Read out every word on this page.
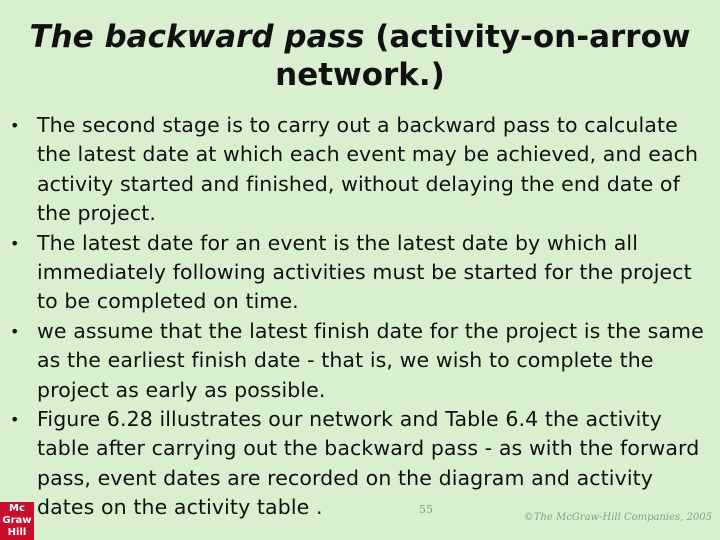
The backward pass (activity-on-arrow
network.)
• The second stage is to carry out a backward pass to calculate the latest date at which each event may be achieved, and each activity started and finished, without delaying the end date of the project.
• The latest date for an event is the latest date by which all immediately following activities must be started for the project to be completed on time.
• we assume that the latest finish date for the project is the same as the earliest finish date - that is, we wish to complete the project as early as possible.
• Figure 6.28 illustrates our network and Table 6.4 the activity table after carrying out the backward pass - as with the forward pass, event dates are recorded on the diagram and activity dates on the activity table .
Mc
Graw
Hill
55
©The McGraw-Hill Companies, 2005
